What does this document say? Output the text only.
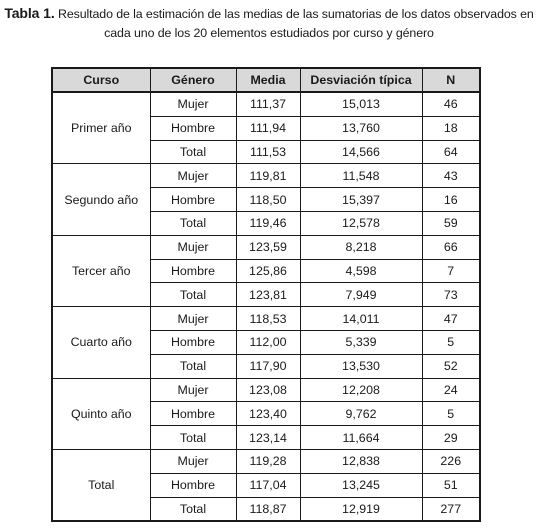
Tabla 1. Resultado de la estimación de las medias de las sumatorias de los datos observados en cada uno de los 20 elementos estudiados por curso y género
Curso	Género	Media	Desviación típica	N
Primer año	Mujer	111,37	15,013	46
	Hombre	111,94	13,760	18
	Total	111,53	14,566	64
Segundo año	Mujer	119,81	11,548	43
	Hombre	118,50	15,397	16
	Total	119,46	12,578	59
Tercer año	Mujer	123,59	8,218	66
	Hombre	125,86	4,598	7
	Total	123,81	7,949	73
Cuarto año	Mujer	118,53	14,011	47
	Hombre	112,00	5,339	5
	Total	117,90	13,530	52
Quinto año	Mujer	123,08	12,208	24
	Hombre	123,40	9,762	5
	Total	123,14	11,664	29
Total	Mujer	119,28	12,838	226
	Hombre	117,04	13,245	51
	Total	118,87	12,919	277
